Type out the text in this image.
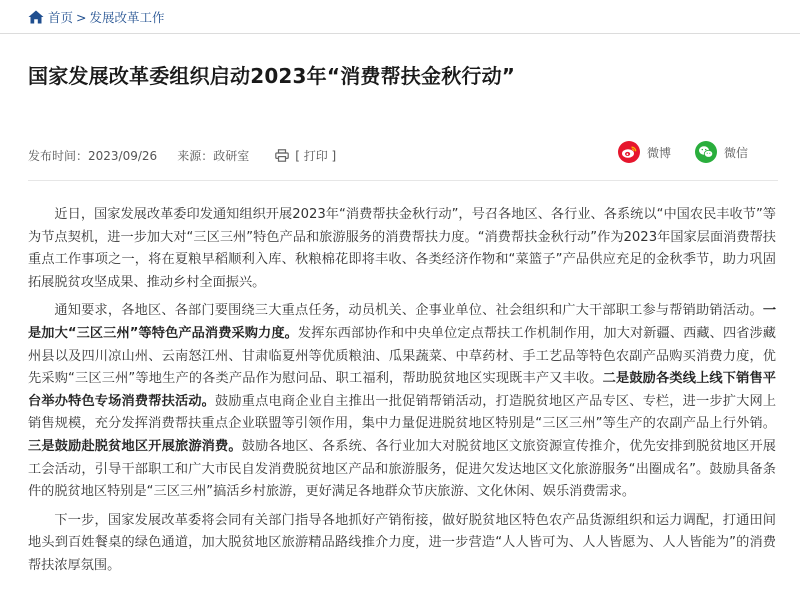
首页 > 发展改革工作
国家发展改革委组织启动2023年“消费帮扶金秋行动”
发布时间： 2023/09/26 来源： 政研室	[ 打印 ]	微博	微信

近日，国家发展改革委印发通知组织开展2023年“消费帮扶金秋行动”，号召各地区、各行业、各系统以“中国农民丰收节”等为节点契机，进一步加大对“三区三州”特色产品和旅游服务的消费帮扶力度。“消费帮扶金秋行动”作为2023年国家层面消费帮扶重点工作事项之一，将在夏粮早稻顺利入库、秋粮棉花即将丰收、各类经济作物和“菜篮子”产品供应充足的金秋季节，助力巩固拓展脱贫攻坚成果、推动乡村全面振兴。

通知要求，各地区、各部门要围绕三大重点任务，动员机关、企事业单位、社会组织和广大干部职工参与帮销助销活动。一是加大“三区三州”等特色产品消费采购力度。发挥东西部协作和中央单位定点帮扶工作机制作用，加大对新疆、西藏、四省涉藏州县以及四川凉山州、云南怒江州、甘肃临夏州等优质粮油、瓜果蔬菜、中草药材、手工艺品等特色农副产品购买消费力度，优先采购“三区三州”等地生产的各类产品作为慰问品、职工福利，帮助脱贫地区实现既丰产又丰收。二是鼓励各类线上线下销售平台举办特色专场消费帮扶活动。鼓励重点电商企业自主推出一批促销帮销活动，打造脱贫地区产品专区、专栏，进一步扩大网上销售规模，充分发挥消费帮扶重点企业联盟等引领作用，集中力量促进脱贫地区特别是“三区三州”等生产的农副产品上行外销。三是鼓励赴脱贫地区开展旅游消费。鼓励各地区、各系统、各行业加大对脱贫地区文旅资源宣传推介，优先安排到脱贫地区开展工会活动，引导干部职工和广大市民自发消费脱贫地区产品和旅游服务，促进欠发达地区文化旅游服务“出圈成名”。鼓励具备条件的脱贫地区特别是“三区三州”搞活乡村旅游，更好满足各地群众节庆旅游、文化休闲、娱乐消费需求。

下一步，国家发展改革委将会同有关部门指导各地抓好产销衔接，做好脱贫地区特色农产品货源组织和运力调配，打通田间地头到百姓餐桌的绿色通道，加大脱贫地区旅游精品路线推介力度，进一步营造“人人皆可为、人人皆愿为、人人皆能为”的消费帮扶浓厚氛围。
